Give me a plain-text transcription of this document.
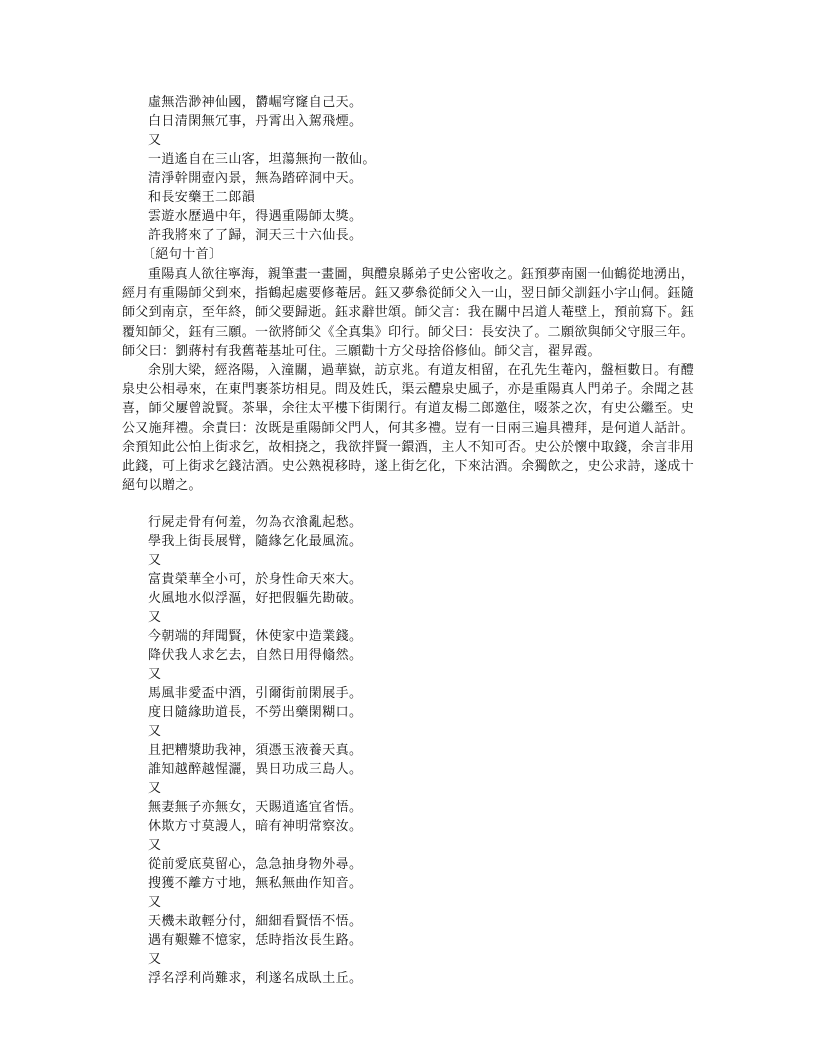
虛無浩渺神仙國，欝崛穹窿自己天。
白日清閑無冗事，丹霄出入駕飛煙。
又
一逍遙自在三山客，坦蕩無拘一散仙。
清淨幹開壺內景，無為踏碎洞中天。
和長安藥王二郎韻
雲遊水歷過中年，得遇重陽師太獎。
許我將來了了歸，洞天三十六仙長。
〔絕句十首〕
重陽真人欲往寧海，親筆畫一畫圖，與醴泉縣弟子史公密收之。鈺預夢南園一仙鶴從地湧出，經月有重陽師父到來，指鶴起處要修菴居。鈺又夢叅從師父入一山，翌日師父訓鈺小字山侗。鈺隨師父到南京，至年終，師父要歸逝。鈺求辭世頌。師父言：我在關中呂道人菴壁上，預前寫下。鈺覆知師父，鈺有三願。一欲將師父《全真集》印行。師父曰：長安決了。二願欲與師父守服三年。師父曰：劉蔣村有我舊菴基址可住。三願勸十方父母捨俗修仙。師父言，翟昇霞。
余別大梁，經洛陽，入潼關，過華嶽，訪京兆。有道友相留，在孔先生菴內，盤桓數日。有醴泉史公相尋來，在東門裹茶坊相見。問及姓氏，渠云醴泉史風子，亦是重陽真人門弟子。余聞之甚喜，師父屢曾說賢。茶畢，余往太平樓下街閑行。有道友楊二郎邀住，啜茶之次，有史公繼至。史公又施拜禮。余責曰：汝既是重陽師父門人，何其多禮。豈有一日兩三遍具禮拜，是何道人話計。余預知此公怕上街求乞，故相挠之，我欲拌賢一鐶酒，主人不知可否。史公於懷中取錢，余言非用此錢，可上街求乞錢沽酒。史公熟視移時，遂上街乞化，下來沽酒。余獨飲之，史公求詩，遂成十絕句以贈之。
行屍走骨有何羞，勿為衣湌亂起愁。
學我上街長展臂，隨緣乞化最風流。
又
富貴榮華全小可，於身性命天來大。
火風地水似浮漚，好把假軀先勘破。
又
今朝端的拜聞賢，休使家中造業錢。
降伏我人求乞去，自然日用得翛然。
又
馬風非愛盃中酒，引爾街前閑展手。
度日隨緣助道長，不勞出藥閑糊口。
又
且把糟漿助我神，須憑玉液養天真。
誰知越醉越惺灑，異日功成三島人。
又
無妻無子亦無女，天賜逍遙宜省悟。
休欺方寸莫謾人，暗有神明常察汝。
又
從前愛底莫留心，急急抽身物外尋。
搜獲不離方寸地，無私無曲作知音。
又
天機未敢輕分付，細細看賢悟不悟。
遇有艱難不憶家，恁時指汝長生路。
又
浮名浮利尚難求，利遂名成臥土丘。
